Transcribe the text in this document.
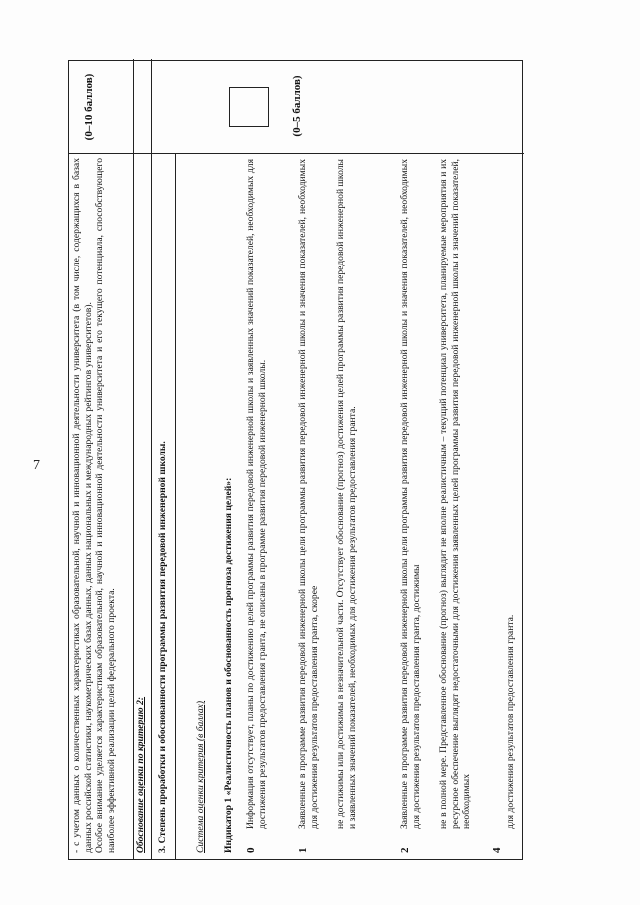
7	- с учетом данных о количественных характеристиках образовательной, научной и инновационной деятельности университета (в том числе, содержащихся в базах данных российской статистики, наукометрических базах данных, данных национальных и международных рейтингов университетов). Особое внимание уделяется характеристикам образовательной, научной и инновационной деятельности университета и его текущего потенциала, способствующего наиболее эффективной реализации целей федерального проекта.

(0–10 баллов)
Обоснование оценки по критерию 2: 3. Степень проработки и обоснованности программы развития передовой инженерной школы.
(0–5 баллов)
Система оценки критерия (в баллах) Индикатор 1 «Реалистичность планов и обоснованность прогноза достижения целей»: 0
Информация отсутствует, планы по достижению целей программы развития передовой инженерной школы и заявленных значений показателей, необходимых для достижения результатов предоставления гранта, не описаны в программе развития передовой инженерной школы.
1
Заявленные в программе развития передовой инженерной школы цели программы развития передовой инженерной школы и значения показателей, необходимых для достижения результатов предоставления гранта, скорее не достижимы или достижимы в незначительной части. Отсутствует обоснование (прогноз) достижения целей программы развития передовой инженерной школы и заявленных значений показателей, необходимых для достижения результатов предоставления гранта.
2
Заявленные в программе развития передовой инженерной школы цели программы развития передовой инженерной школы и значения показателей, необходимых для достижения результатов предоставления гранта, достижимы не в полной мере. Представленное обоснование (прогноз) выглядит не вполне реалистичным – текущий потенциал университета, планируемые мероприятия и их ресурсное обеспечение выглядят недостаточными для достижения заявленных целей программы развития передовой инженерной школы и значений показателей, необходимых
4
для достижения результатов предоставления гранта.
